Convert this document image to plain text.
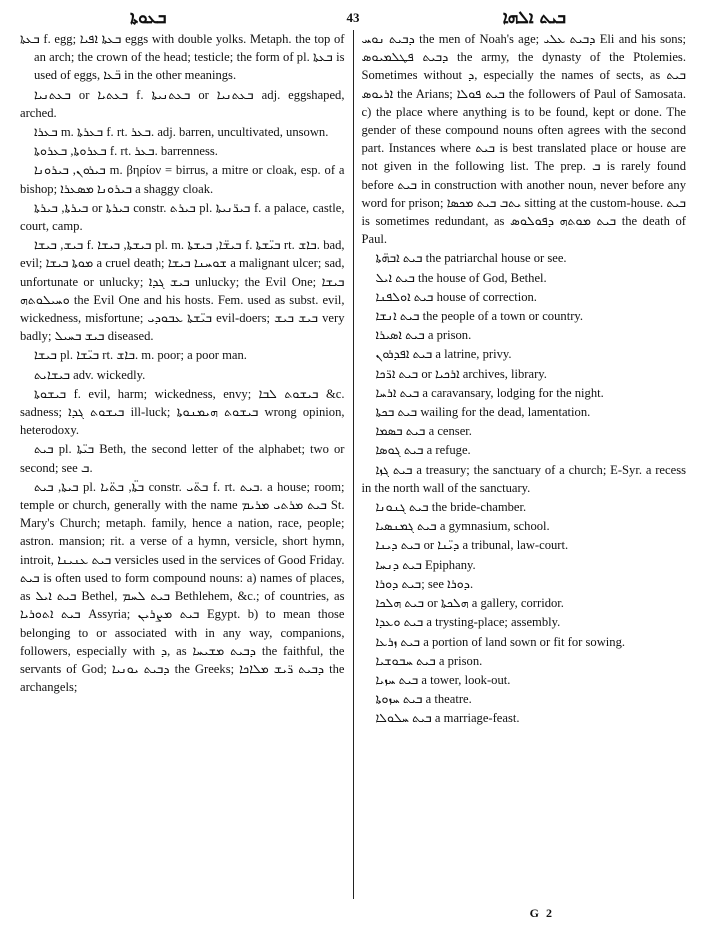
ܒܥܘܬܐ	43	ܒܝܬ ܐܠܗܐ

ܒܥܬܐ f. egg; ܒܥܬܐ ܐܦܝܐ eggs with double yolks. Metaph. the top of an arch; the crown of the head; testicle; the form of pl. ܒܥܬܐ is used of eggs, ܒ̈ܥܐ in the other meanings.

ܒܥܬܢܝܐ or ܒܥܬܝܐ f. ܒܥܬܢܝܬܐ or ܒܥܬܢܝܐ adj. eggshaped, arched.

ܒܥܪܐ m. ܒܥܪܬܐ f. rt. ܒܥܪ. adj. barren, uncultivated, unsown.

ܒܥܪܘܬܐ, ܒܥܪܘܬܐ f. rt. ܒܥܪ. barrenness.

ܒܝܪܘܢ, ܒܝܪܘܢܐ m. βηρίον = birrus, a mitre or cloak, esp. of a bishop; ܒܝܪܘܢܐ ܡܣܥܪܐ a shaggy cloak.

ܒܝܪܬܐ, ܒܝܪܬܐ or ܒܝܪܬܐ constr. ܒܝܪܬ pl. ܒܝܪ̈ܢܝܬܐ f. a palace, castle, court, camp.

ܒܝܫ, ܒܝܫܐ f. ܒܝܫܬܐ, ܒܝܫܐ pl. m. ܒܝܫ̈ܐ, ܒܝܫܬܐ f. ܒܝ̈ܫܬܐ rt. ܒܐܫ. bad, evil; ܡܘܬܐ ܒܝܫܐ a cruel death; ܫܘܚܢܐ ܒܝܫܐ a malignant ulcer; sad, unfortunate or unlucky; ܒܝܫ ܓܕܐ unlucky; the Evil One; ܒܝܫܐ ܘܚܝܠܘܬܗ the Evil One and his hosts. Fem. used as subst. evil, wickedness, misfortune; ܒܝ̈ܫܬܐ ܥܒܘܕܝ evil-doers; ܒܝܫ ܒܝܫ very badly; ܒܝܫ ܒܚܝܠ diseased.

ܒܝܫܐ pl. ܒܝ̈ܫܐ rt. ܒܐܫ. m. poor; a poor man.

ܒܝܫܐܝܬ adv. wickedly.

ܒܝܫܘܬܐ f. evil, harm; wickedness, envy; ܒܝܫܘܬ ܠܒܐ &c. sadness; ܒܝܫܘܬ ܓܕܐ ill-luck; ܒܝܫܘܬ ܗܝܡܢܘܬܐ wrong opinion, heterodoxy.

ܒܝܬ pl. ܒܝ̈ܬܐ Beth, the second letter of the alphabet; two or second; see ܒ.

ܒܝܬܐ, ܒܝܬ pl. ܒܬ̈ܐ, ܒܬ̈ܝܐ constr. ܒܬ̈ܝ f. rt. ܒܝܬ. a house; room; temple or church, generally with the name ܒܝܬ ܡܪܬܝ ܡܪܝܡ St. Mary's Church; metaph. family, hence a nation, race, people; astron. mansion; rit. a verse of a hymn, versicle, short hymn, introit, ܒܝܬ ܥܢܝܢܐ versicles used in the services of Good Friday. ܒܝܬ is often used to form compound nouns: a) names of places, as ܒܝܬ ܐܝܠ Bethel, ܒܝܬ ܠܚܡ Bethlehem, &c.; of countries, as ܒܝܬ ܐܬܘܪܝܐ Assyria; ܒܝܬ ܡܨܪܝܢ Egypt. b) to mean those belonging to or associated with in any way, companions, followers, especially with ܕ, as ܕܒܝܬ ܡܫܝܚܐ the faithful, the servants of God; ܕܒܝܬ ܝܘܢܝܐ the Greeks; ܕܒܝܬ ܪ̈ܝܫ ܡܠܐܟܐ the archangels;

ܕܒܝܬ ܢܘܚ the men of Noah's age; ܕܒܝܬ ܥܠܝ Eli and his sons; ܕܒܝܬ ܦܛܠܡܝܘܣ the army, the dynasty of the Ptolemies. Sometimes without ܕ, especially the names of sects, as ܒܝܬ ܐܪܝܘܣ the Arians; ܒܝܬ ܦܘܠܐ the followers of Paul of Samosata. c) the place where anything is to be found, kept or done. The gender of these compound nouns often agrees with the second part. Instances where ܒܝܬ is best translated place or house are not given in the following list. The prep. ܒ is rarely found before ܒܝܬ in construction with another noun, never before any word for prison; ܝܬܒ ܒܝܬ ܡܟܣܐ sitting at the custom-house. ܒܝܬ is sometimes redundant, as ܒܝܬ ܡܘܬܗ ܕܦܘܠܘܣ the death of Paul.

ܒܝܬ ܐܒܗ̈ܬܐ the patriarchal house or see.

ܒܝܬ ܐܝܠ the house of God, Bethel.

ܒܝܬ ܐܘܠܦܢܐ house of correction.

ܒܝܬ ܐܢܫܐ the people of a town or country.

ܒܝܬ ܐܣܝܪܐ a prison.

ܒܝܬ ܐܦܕܪܘܢ a latrine, privy.

ܒܝܬ ܐܪ̈ܟܐ or ܐܪܟܝܐ archives, library.

ܒܝܬ ܐܪܚܐ a caravansary, lodging for the night.

ܒܝܬ ܒܟܬܐ wailing for the dead, lamentation.

ܒܝܬ ܒܣܡܐ a censer.

ܒܝܬ ܓܘܣܐ a refuge.

ܒܝܬ ܓܙܐ a treasury; the sanctuary of a church; E-Syr. a recess in the north wall of the sanctuary.

ܒܝܬ ܓܢܘܢܐ the bride-chamber.

ܒܝܬ ܓܡܢܣܝܐ a gymnasium, school.

ܒܝܬ ܕܝܢܐ or ܕܝ̈ܢܐ a tribunal, law-court.

ܒܝܬ ܕܢܚܐ Epiphany.

ܒܝܬ ܕܘܪܐ; see ܕܘܪܐ.

ܒܝܬ ܗܠܟܐ or ܗܠܟܬܐ a gallery, corridor.

ܒܝܬ ܘܥܕܐ a trysting-place; assembly.

ܒܝܬ ܙܪܥܐ a portion of land sown or fit for sowing.

ܒܝܬ ܚܒܘܫܝܐ a prison.

ܒܝܬ ܚܙܝܐ a tower, look-out.

ܒܝܬ ܚܙܘܬܐ a theatre.

ܒܝܬ ܚܠܘܠܐ a marriage-feast.

G 2
